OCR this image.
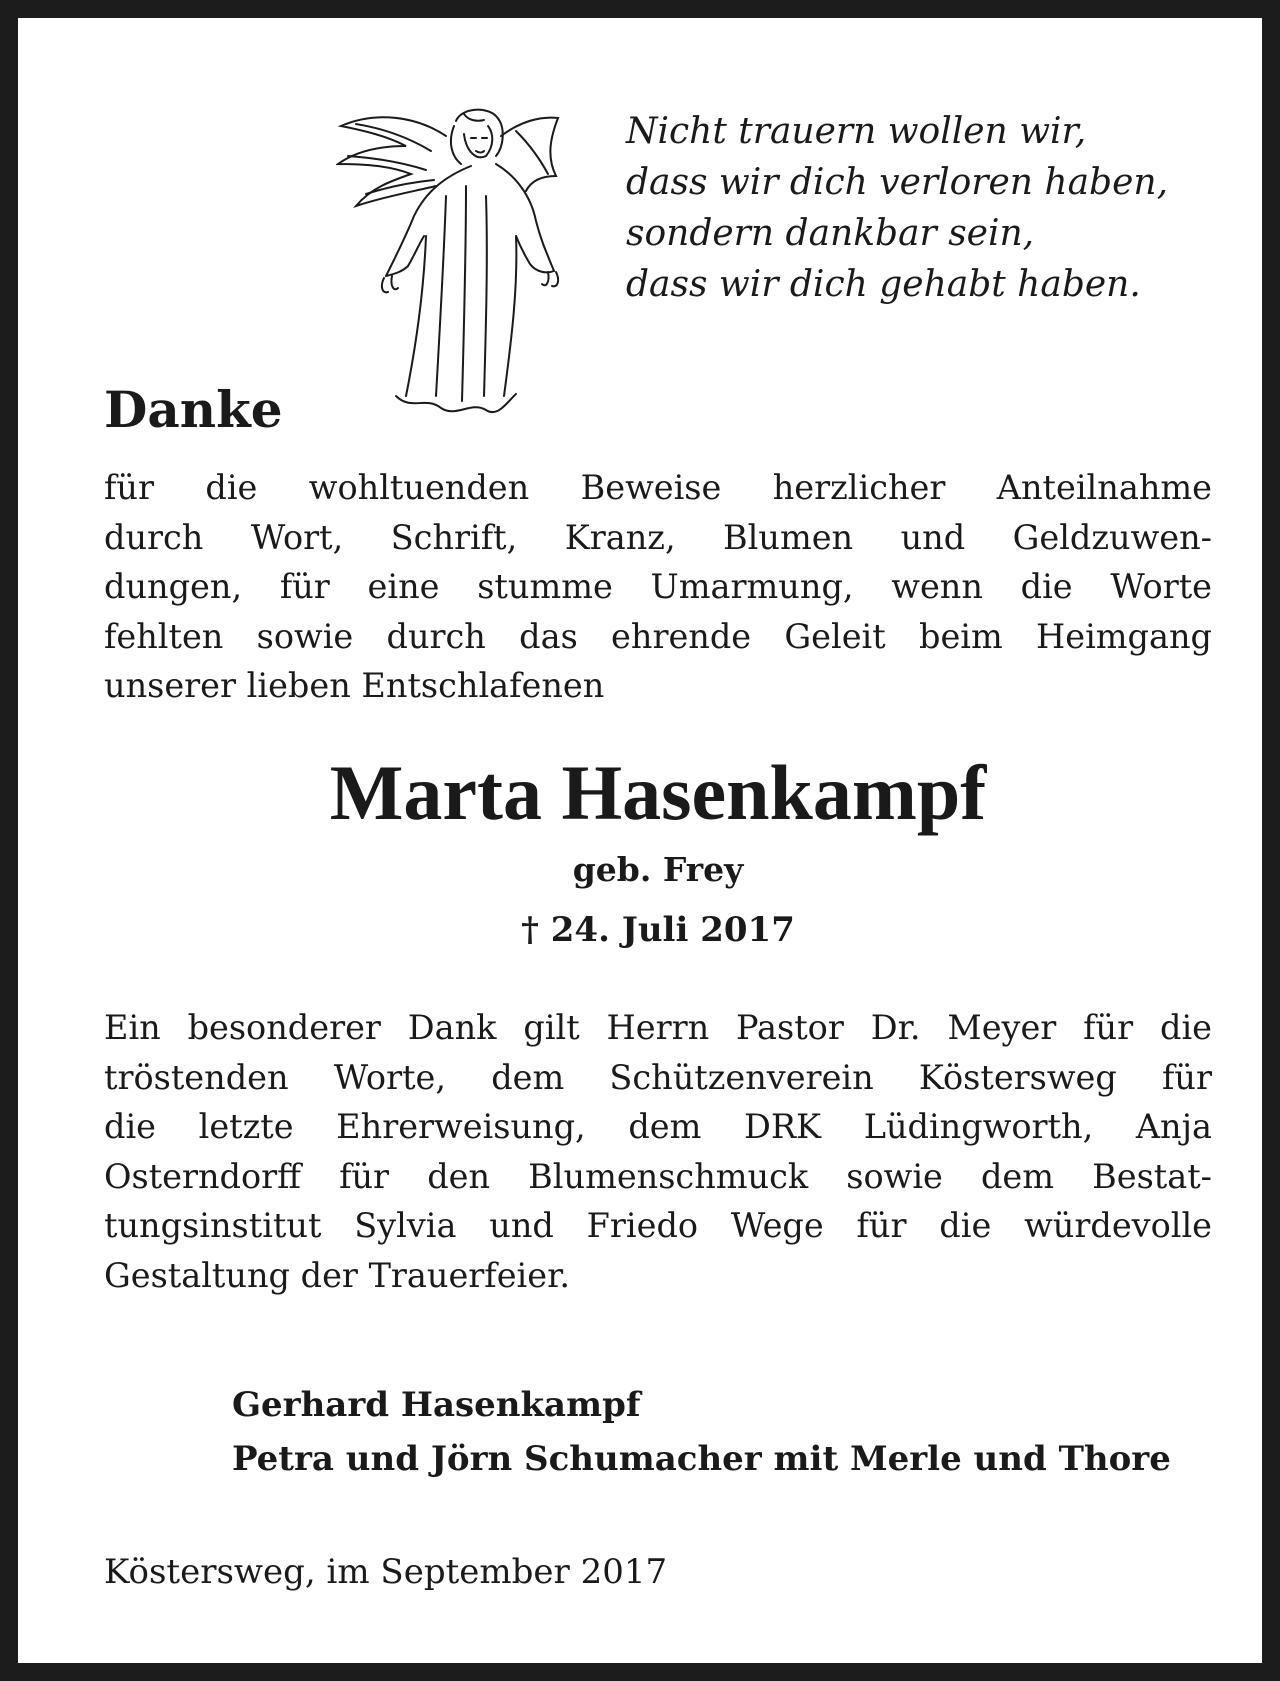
Nicht trauern wollen wir,
dass wir dich verloren haben,
sondern dankbar sein,
dass wir dich gehabt haben.
Danke
für die wohltuenden Beweise herzlicher Anteilnahme
durch Wort, Schrift, Kranz, Blumen und Geldzuwen-
dungen, für eine stumme Umarmung, wenn die Worte
fehlten sowie durch das ehrende Geleit beim Heimgang
unserer lieben Entschlafenen
Marta Hasenkampf
geb. Frey
† 24. Juli 2017
Ein besonderer Dank gilt Herrn Pastor Dr. Meyer für die
tröstenden Worte, dem Schützenverein Köstersweg für
die letzte Ehrerweisung, dem DRK Lüdingworth, Anja
Osterndorff für den Blumenschmuck sowie dem Bestat-
tungsinstitut Sylvia und Friedo Wege für die würdevolle
Gestaltung der Trauerfeier.
Gerhard Hasenkampf
Petra und Jörn Schumacher mit Merle und Thore
Köstersweg, im September 2017
